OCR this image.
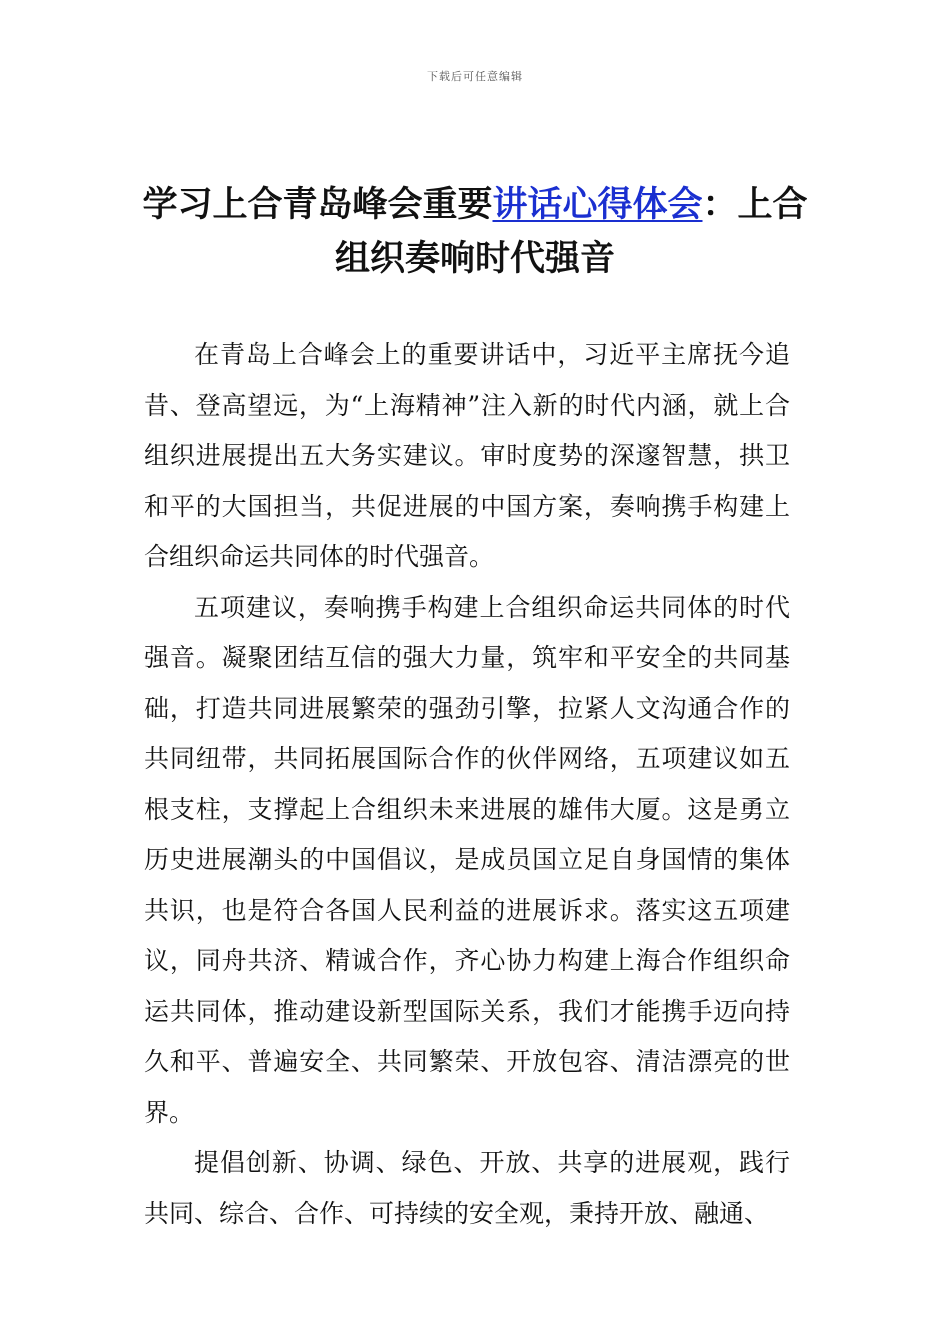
下载后可任意编辑
学习上合青岛峰会重要讲话心得体会：上合组织奏响时代强音

在青岛上合峰会上的重要讲话中，习近平主席抚今追昔、登高望远，为“上海精神”注入新的时代内涵，就上合组织进展提出五大务实建议。审时度势的深邃智慧，拱卫和平的大国担当，共促进展的中国方案，奏响携手构建上合组织命运共同体的时代强音。

五项建议，奏响携手构建上合组织命运共同体的时代强音。凝聚团结互信的强大力量，筑牢和平安全的共同基础，打造共同进展繁荣的强劲引擎，拉紧人文沟通合作的共同纽带，共同拓展国际合作的伙伴网络，五项建议如五根支柱，支撑起上合组织未来进展的雄伟大厦。这是勇立历史进展潮头的中国倡议，是成员国立足自身国情的集体共识，也是符合各国人民利益的进展诉求。落实这五项建议，同舟共济、精诚合作，齐心协力构建上海合作组织命运共同体，推动建设新型国际关系，我们才能携手迈向持久和平、普遍安全、共同繁荣、开放包容、清洁漂亮的世界。

提倡创新、协调、绿色、开放、共享的进展观，践行共同、综合、合作、可持续的安全观，秉持开放、融通、
